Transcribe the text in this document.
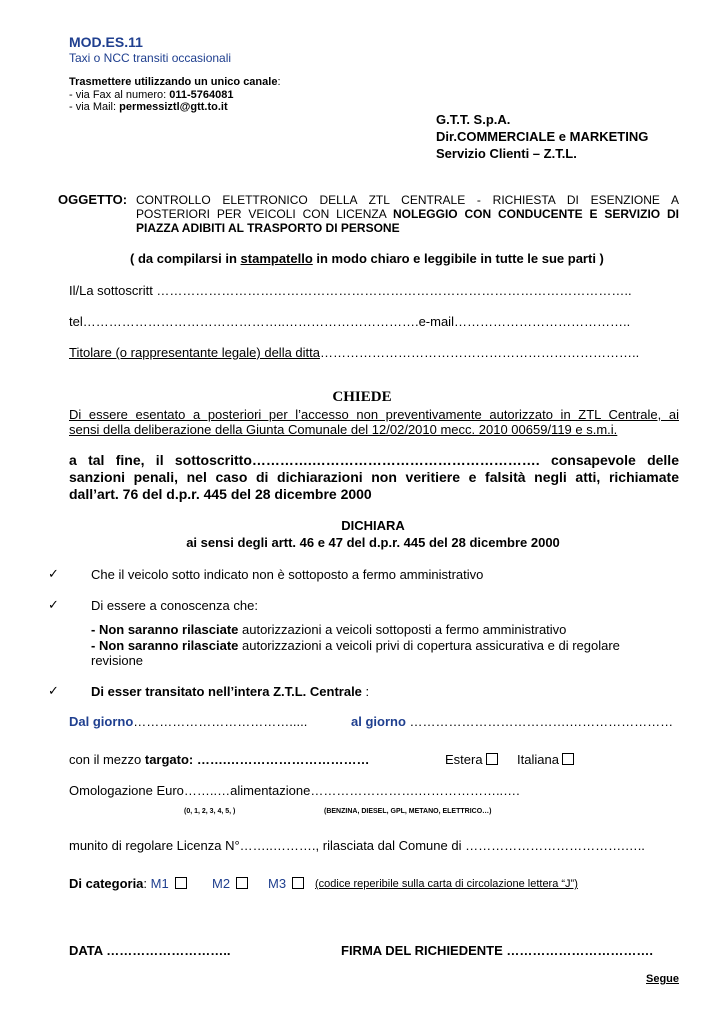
MOD.ES.11
Taxi o NCC transiti occasionali
Trasmettere utilizzando un unico canale:
- via Fax al numero: 011-5764081
- via Mail: permessiztl@gtt.to.it
G.T.T. S.p.A.
Dir.COMMERCIALE e MARKETING
Servizio Clienti – Z.T.L.
OGGETTO: CONTROLLO ELETTRONICO DELLA ZTL CENTRALE - RICHIESTA DI ESENZIONE A
POSTERIORI PER VEICOLI CON LICENZA NOLEGGIO CON CONDUCENTE E SERVIZIO DI
PIAZZA ADIBITI AL TRASPORTO DI PERSONE
( da compilarsi in stampatello in modo chiaro e leggibile in tutte le sue parti )
Il/La sottoscritt ………………………………………………………………………………………………..
tel………………………………………..………………………….e-mail…………………………………..
Titolare (o rappresentante legale) della ditta………………………………………………………………..
CHIEDE
Di essere esentato a posteriori per l’accesso non preventivamente autorizzato in ZTL Centrale, ai
sensi della deliberazione della Giunta Comunale del 12/02/2010 mecc. 2010 00659/119 e s.m.i.
a tal fine, il sottoscritto………….…………………………………………. consapevole delle
sanzioni penali, nel caso di dichiarazioni non veritiere e falsità negli atti, richiamate
dall’art. 76 del d.p.r. 445 del 28 dicembre 2000
DICHIARA
ai sensi degli artt. 46 e 47 del d.p.r. 445 del 28 dicembre 2000
✓ Che il veicolo sotto indicato non è sottoposto a fermo amministrativo
✓ Di essere a conoscenza che:
- Non saranno rilasciate autorizzazioni a veicoli sottoposti a fermo amministrativo
- Non saranno rilasciate autorizzazioni a veicoli privi di copertura assicurativa e di regolare
revisione
✓ Di esser transitato nell’intera Z.T.L. Centrale :
Dal giorno……………………………….....	al giorno ……………………………….……………………
con il mezzo targato: …….……………………………	Estera	Italiana
Omologazione Euro……..…alimentazione…………………….………………..….
(0, 1, 2, 3, 4, 5, )	(BENZINA, DIESEL, GPL, METANO, ELETTRICO…)
munito di regolare Licenza N°……..………., rilasciata dal Comune di ……………………………….…..
Di categoria: M1	M2	M3	(codice reperibile sulla carta di circolazione lettera “J”)
DATA ………………………..	FIRMA DEL RICHIEDENTE …………………………….
Segue
